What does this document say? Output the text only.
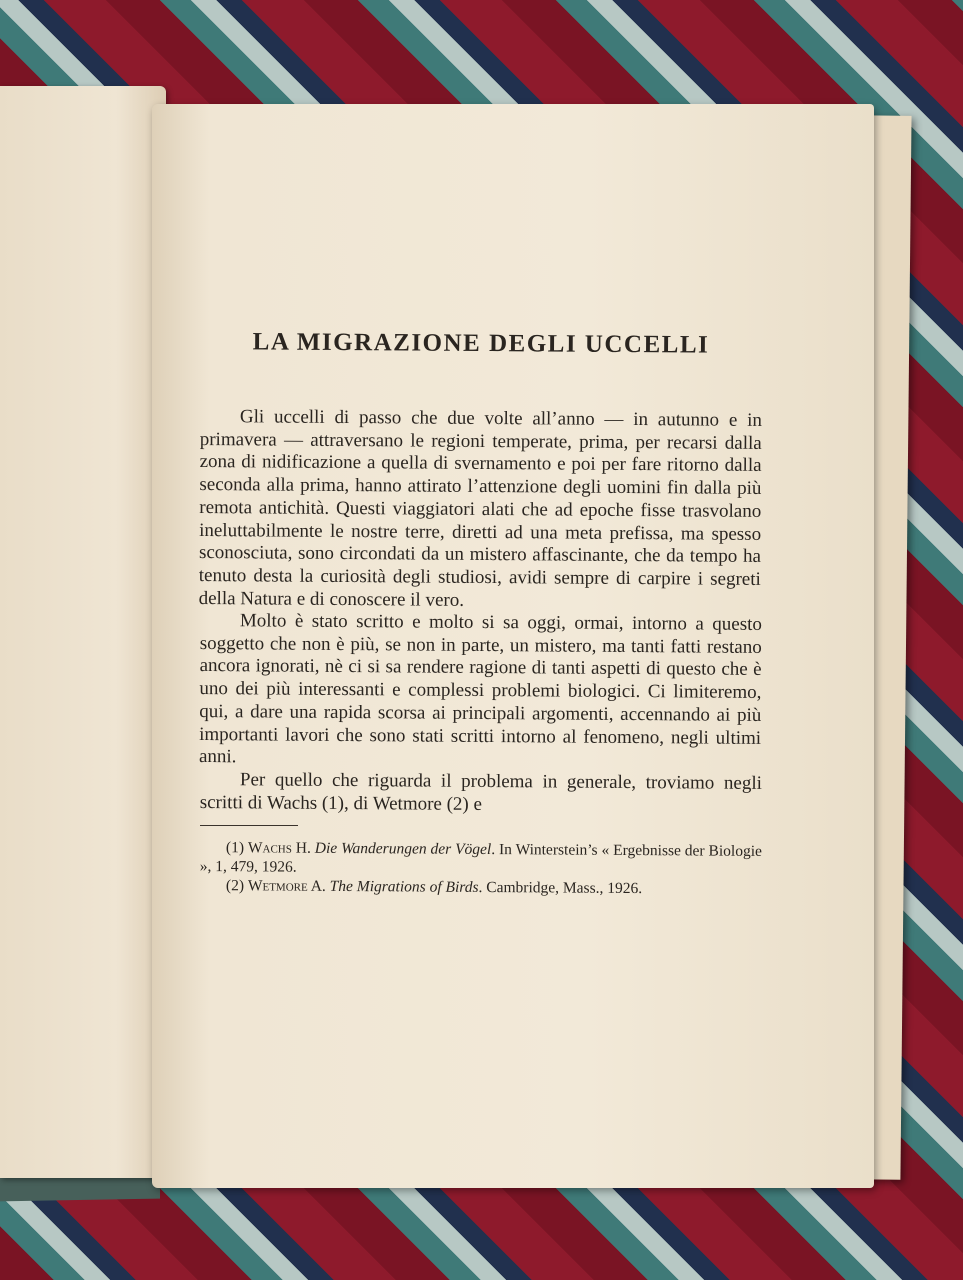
LA MIGRAZIONE DEGLI UCCELLI

Gli uccelli di passo che due volte all’anno — in autunno e in primavera — attraversano le regioni temperate, prima, per recarsi dalla zona di nidificazione a quella di svernamento e poi per fare ritorno dalla seconda alla prima, hanno attirato l’attenzione degli uomini fin dalla più remota antichità. Questi viaggiatori alati che ad epoche fisse trasvolano ineluttabilmente le nostre terre, diretti ad una meta prefissa, ma spesso sconosciuta, sono circondati da un mistero affascinante, che da tempo ha tenuto desta la curiosità degli studiosi, avidi sempre di carpire i segreti della Natura e di conoscere il vero.

Molto è stato scritto e molto si sa oggi, ormai, intorno a questo soggetto che non è più, se non in parte, un mistero, ma tanti fatti restano ancora ignorati, nè ci si sa rendere ragione di tanti aspetti di questo che è uno dei più interessanti e complessi problemi biologici. Ci limiteremo, qui, a dare una rapida scorsa ai principali argomenti, accennando ai più importanti lavori che sono stati scritti intorno al fenomeno, negli ultimi anni.

Per quello che riguarda il problema in generale, troviamo negli scritti di Wachs (1), di Wetmore (2) e

(1) Wachs H. Die Wanderungen der Vögel. In Winterstein’s « Ergebnisse der Biologie », 1, 479, 1926.

(2) Wetmore A. The Migrations of Birds. Cambridge, Mass., 1926.
